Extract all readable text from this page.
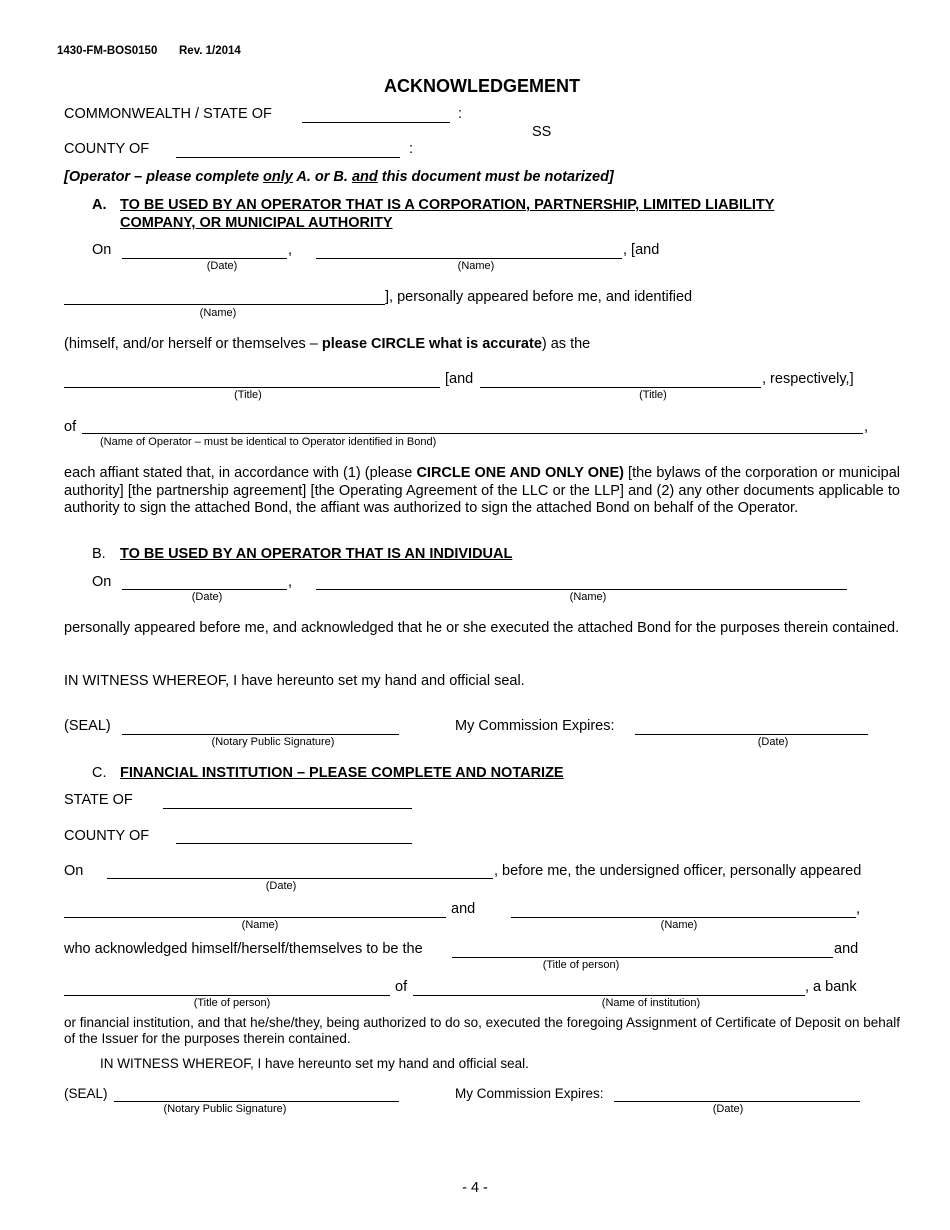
1430-FM-BOS0150 Rev. 1/2014
ACKNOWLEDGEMENT
COMMONWEALTH / STATE OF	:
SS
COUNTY OF	:
[Operator – please complete only A. or B. and this document must be notarized]
A. TO BE USED BY AN OPERATOR THAT IS A CORPORATION, PARTNERSHIP, LIMITED LIABILITY
COMPANY, OR MUNICIPAL AUTHORITY
On	,	, [and
(Date)	(Name)
], personally appeared before me, and identified
(Name)
(himself, and/or herself or themselves – please CIRCLE what is accurate) as the
[and	, respectively,]
(Title)	(Title)
of	,
(Name of Operator – must be identical to Operator identified in Bond)
each affiant stated that, in accordance with (1) (please CIRCLE ONE AND ONLY ONE) [the bylaws of the corporation or municipal authority] [the partnership agreement] [the Operating Agreement of the LLC or the LLP] and (2) any other documents applicable to authority to sign the attached Bond, the affiant was authorized to sign the attached Bond on behalf of the Operator.
B. TO BE USED BY AN OPERATOR THAT IS AN INDIVIDUAL
On	,
(Date)	(Name)
personally appeared before me, and acknowledged that he or she executed the attached Bond for the purposes therein contained.
IN WITNESS WHEREOF, I have hereunto set my hand and official seal.
(SEAL)
(Notary Public Signature)
My Commission Expires:
(Date)
C. FINANCIAL INSTITUTION – PLEASE COMPLETE AND NOTARIZE
STATE OF
COUNTY OF
On	, before me, the undersigned officer, personally appeared
(Date)
and	,
(Name)	(Name)
who acknowledged himself/herself/themselves to be the	and
(Title of person)
of	, a bank
(Title of person)	(Name of institution)
or financial institution, and that he/she/they, being authorized to do so, executed the foregoing Assignment of Certificate of Deposit on behalf of the Issuer for the purposes therein contained.
IN WITNESS WHEREOF, I have hereunto set my hand and official seal.
(SEAL)
(Notary Public Signature)
My Commission Expires:
(Date)
- 4 -
